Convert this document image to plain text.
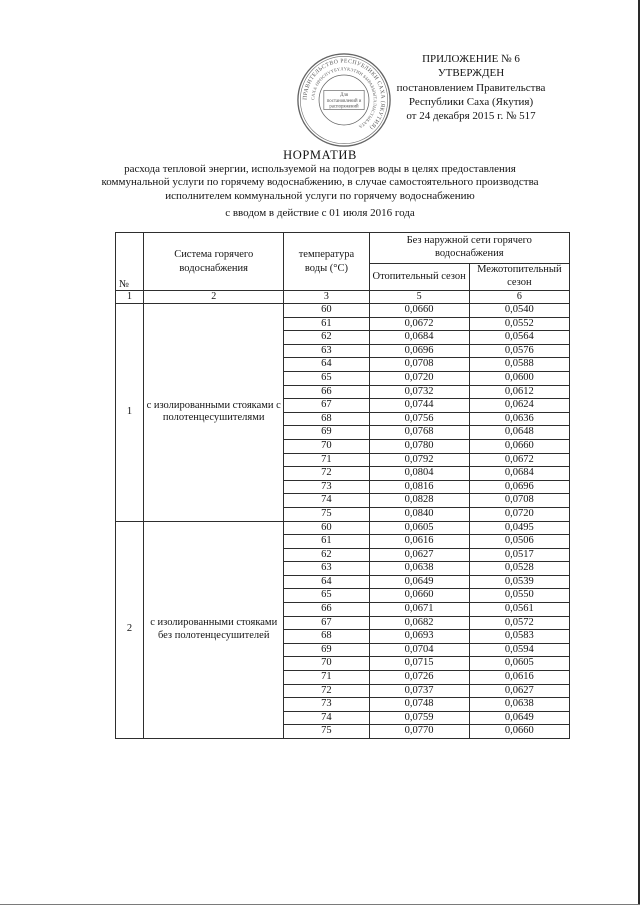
ПРАВИТЕЛЬСТВО РЕСПУБЛИКИ САХА (ЯКУТИЯ)
САХА ӨРӨСПҮҮБҮЛҮКЭТИН БЫРАБЫЫТАЛЫСТЫБАТА
Для
постановлений и
распоряжений
ПРИЛОЖЕНИЕ № 6
УТВЕРЖДЕН
постановлением Правительства
Республики Саха (Якутия)
от 24 декабря 2015 г. № 517
НОРМАТИВ
расхода тепловой энергии, используемой на подогрев воды в целях предоставления
коммунальной услуги по горячему водоснабжению, в случае самостоятельного производства
исполнителем коммунальной услуги по горячему водоснабжению
с вводом в действие с 01 июля 2016 года
№	Система горячего водоснабжения	температура воды (°С)	Без наружной сети горячего водоснабжения	
			Отопительный сезон	Межотопительный сезон
1	2	3	5	6
1	с изолированными стояками с полотенцесушителями	60	0,0660	0,0540
		61	0,0672	0,0552
		62	0,0684	0,0564
		63	0,0696	0,0576
		64	0,0708	0,0588
		65	0,0720	0,0600
		66	0,0732	0,0612
		67	0,0744	0,0624
		68	0,0756	0,0636
		69	0,0768	0,0648
		70	0,0780	0,0660
		71	0,0792	0,0672
		72	0,0804	0,0684
		73	0,0816	0,0696
		74	0,0828	0,0708
		75	0,0840	0,0720
2	с изолированными стояками без полотенцесушителей	60	0,0605	0,0495
		61	0,0616	0,0506
		62	0,0627	0,0517
		63	0,0638	0,0528
		64	0,0649	0,0539
		65	0,0660	0,0550
		66	0,0671	0,0561
		67	0,0682	0,0572
		68	0,0693	0,0583
		69	0,0704	0,0594
		70	0,0715	0,0605
		71	0,0726	0,0616
		72	0,0737	0,0627
		73	0,0748	0,0638
		74	0,0759	0,0649
		75	0,0770	0,0660
